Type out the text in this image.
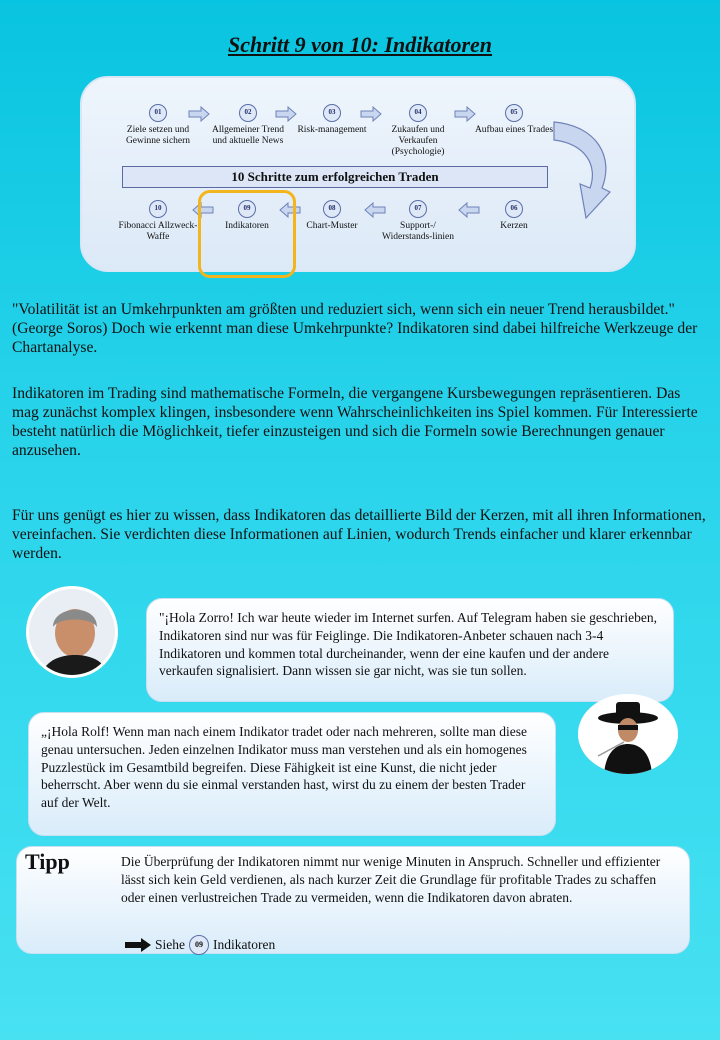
Schritt 9 von 10: Indikatoren
01
Ziele setzen und Gewinne sichern
02
Allgemeiner Trend und aktuelle News
03
Risk-management
04
Zukaufen und Verkaufen (Psychologie)
05
Aufbau eines Trades
10 Schritte zum erfolgreichen Traden
10
Fibonacci Allzweck-Waffe
09
Indikatoren
08
Chart-Muster
07
Support-/ Widerstands-linien
06
Kerzen
"Volatilität ist an Umkehrpunkten am größten und reduziert sich, wenn sich ein neuer Trend herausbildet." (George Soros) Doch wie erkennt man diese Umkehrpunkte? Indikatoren sind dabei hilfreiche Werkzeuge der Chartanalyse.
Indikatoren im Trading sind mathematische Formeln, die vergangene Kursbewegungen repräsentieren. Das mag zunächst komplex klingen, insbesondere wenn Wahrscheinlichkeiten ins Spiel kommen. Für Interessierte besteht natürlich die Möglichkeit, tiefer einzusteigen und sich die Formeln sowie Berechnungen genauer anzusehen.
Für uns genügt es hier zu wissen, dass Indikatoren das detaillierte Bild der Kerzen, mit all ihren Informationen, vereinfachen. Sie verdichten diese Informationen auf Linien, wodurch Trends einfacher und klarer erkennbar werden.
"¡Hola Zorro! Ich war heute wieder im Internet surfen. Auf Telegram haben sie geschrieben, Indikatoren sind nur was für Feiglinge. Die Indikatoren-Anbeter schauen nach 3-4 Indikatoren und kommen total durcheinander, wenn der eine kaufen und der andere verkaufen signalisiert. Dann wissen sie gar nicht, was sie tun sollen.
„¡Hola Rolf! Wenn man nach einem Indikator tradet oder nach mehreren, sollte man diese genau untersuchen. Jeden einzelnen Indikator muss man verstehen und als ein homogenes Puzzlestück im Gesamtbild begreifen. Diese Fähigkeit ist eine Kunst, die nicht jeder beherrscht. Aber wenn du sie einmal verstanden hast, wirst du zu einem der besten Trader auf der Welt.
Tipp	Die Überprüfung der Indikatoren nimmt nur wenige Minuten in Anspruch. Schneller und effizienter lässt sich kein Geld verdienen, als nach kurzer Zeit die Grundlage für profitable Trades zu schaffen oder einen verlustreichen Trade zu vermeiden, wenn die Indikatoren davon abraten.
Siehe	09 Indikatoren
